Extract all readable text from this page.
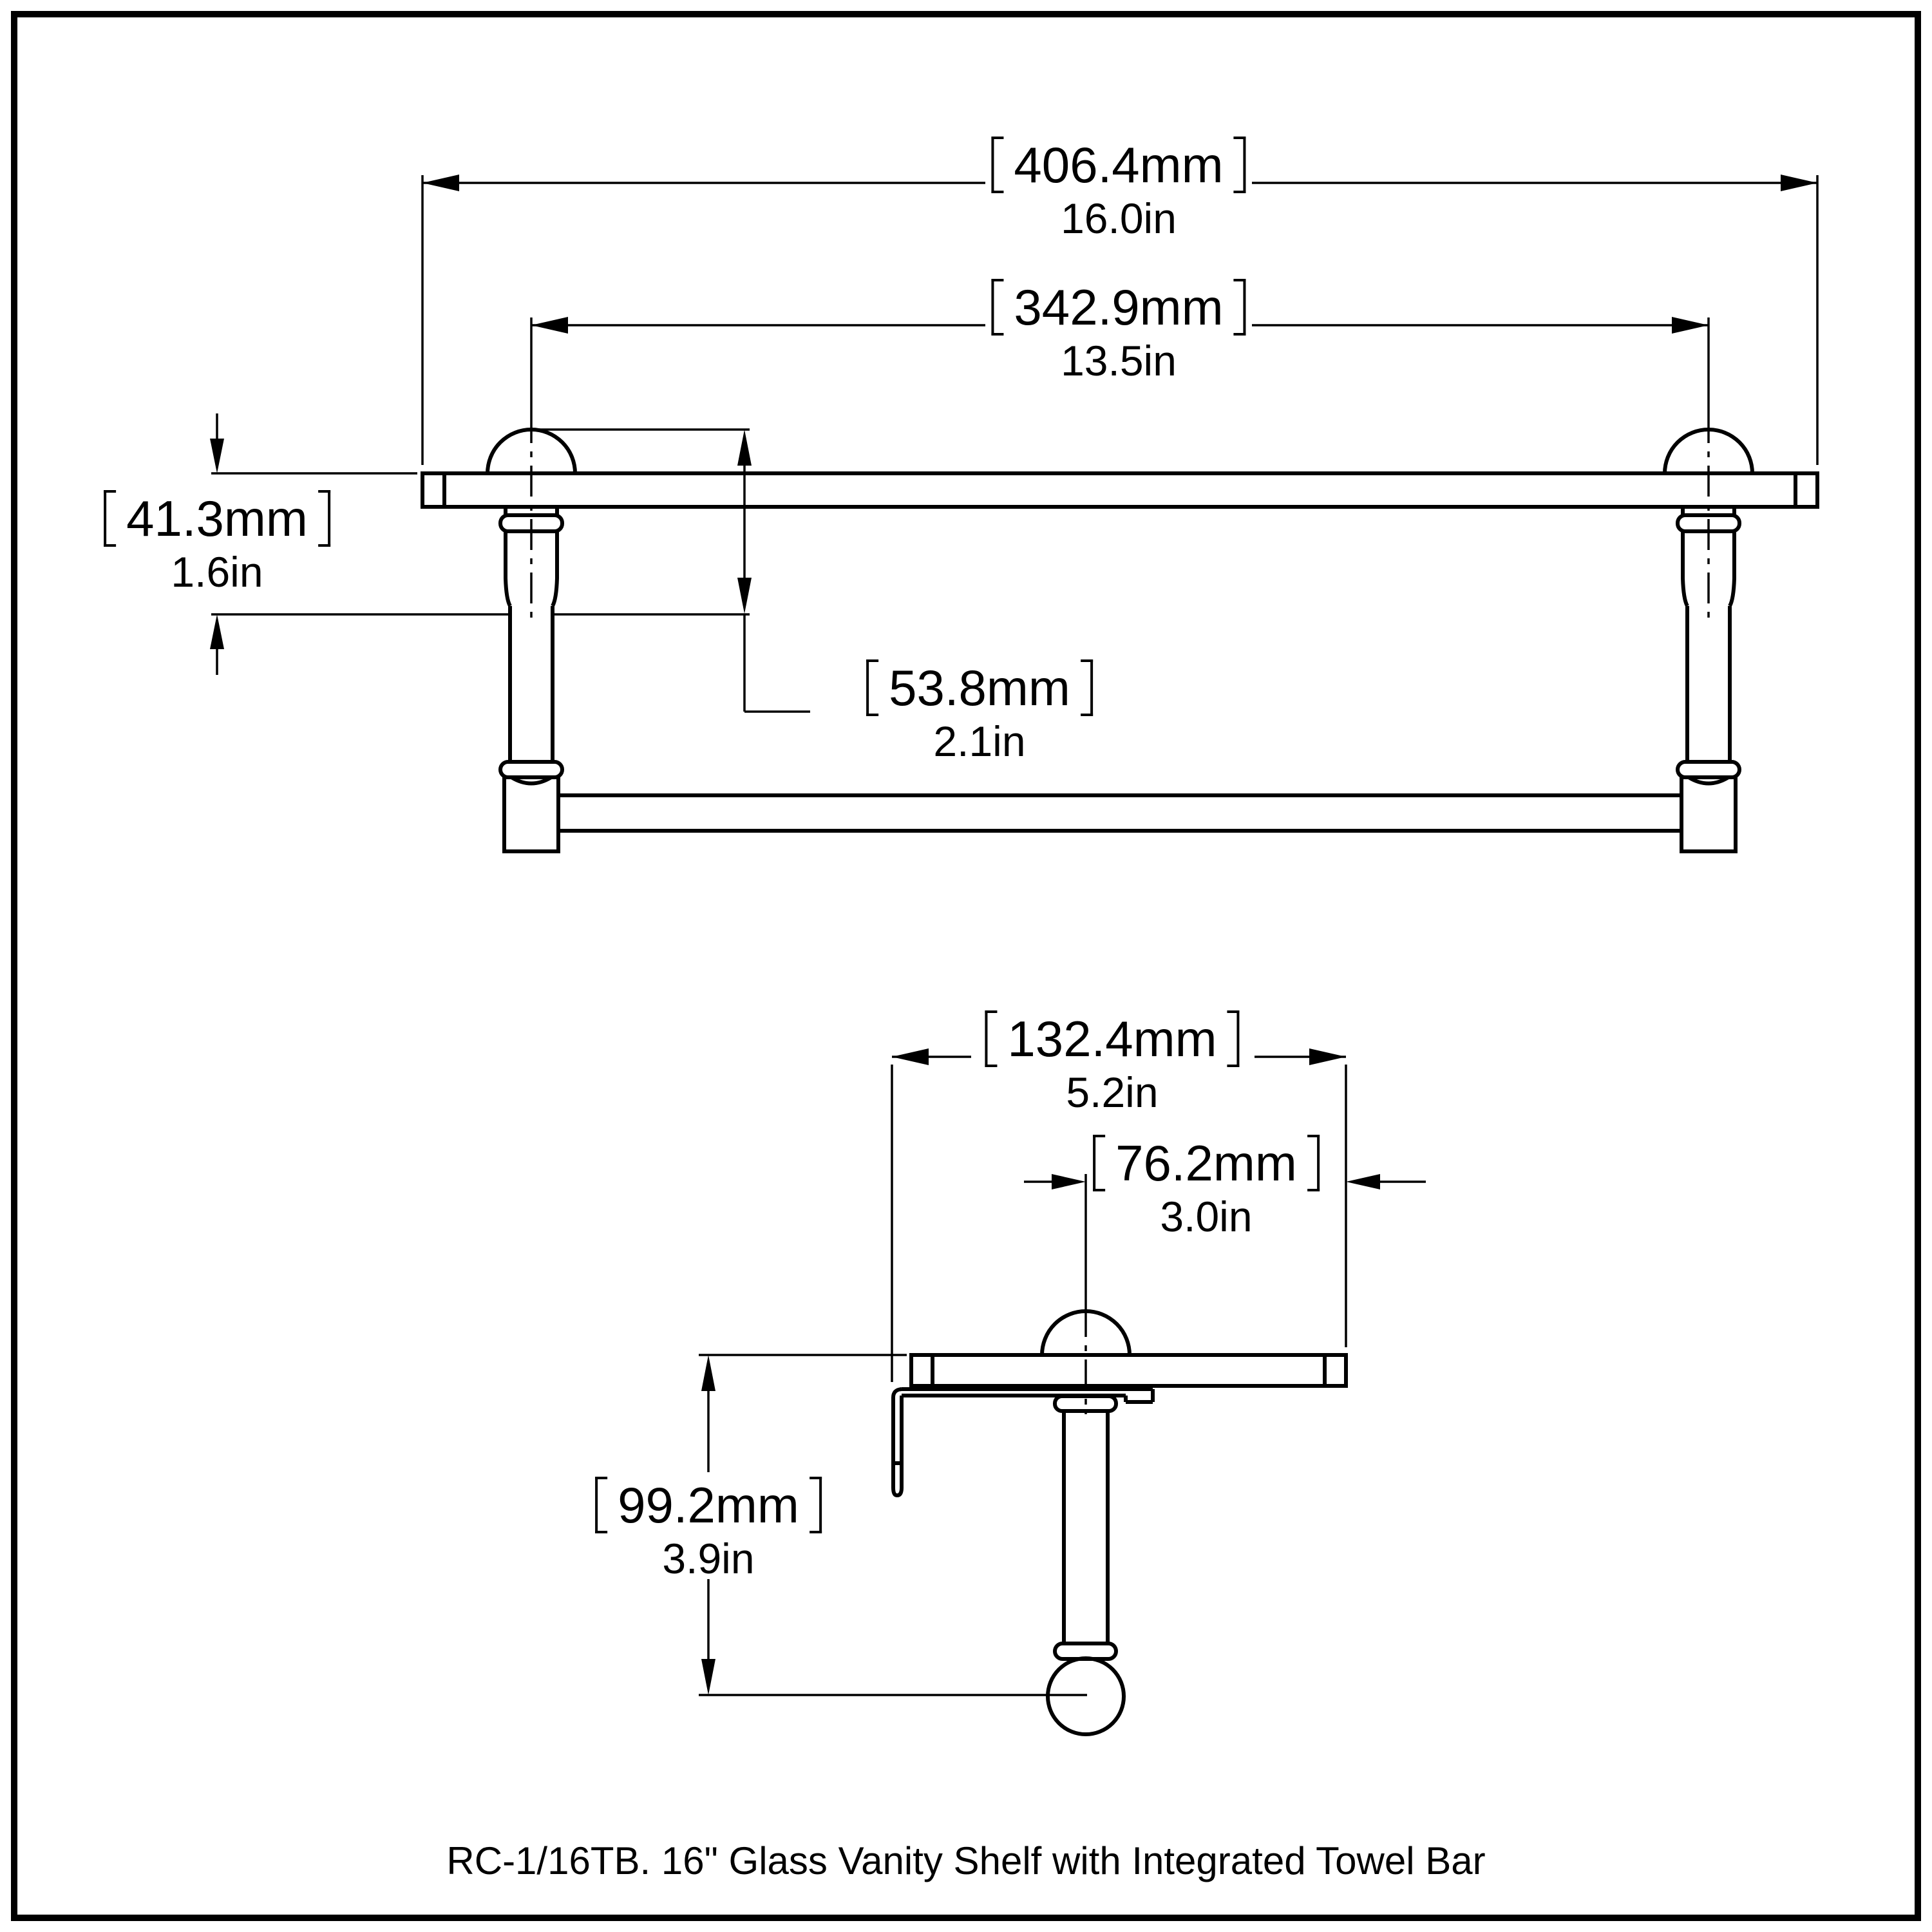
406.4mm
16.0in
342.9mm
13.5in
41.3mm
1.6in
53.8mm
2.1in
132.4mm
5.2in
76.2mm
3.0in
99.2mm
3.9in
RC-1/16TB. 16" Glass Vanity Shelf with Integrated Towel Bar
